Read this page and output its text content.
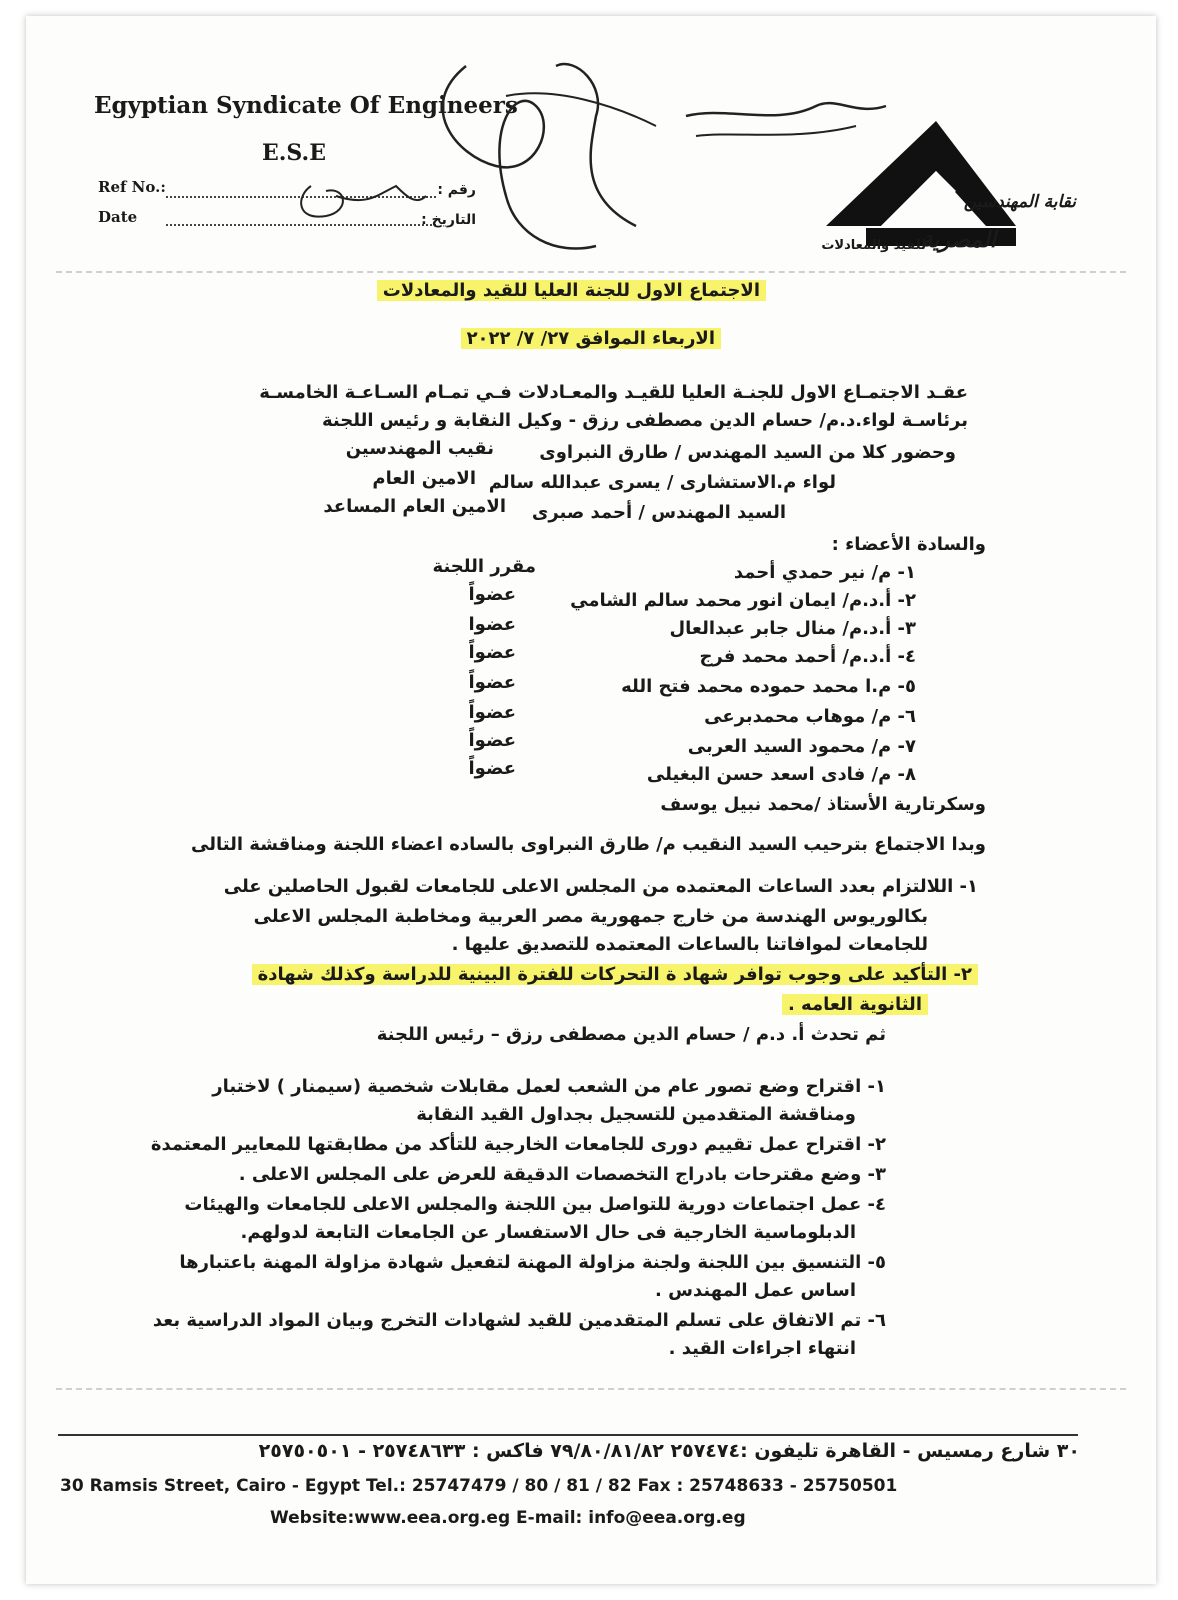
Egyptian Syndicate Of Engineers
E.S.E
Ref No.:	رقم :
Date	التاريخ :
نقابة المهندسين
المصرية
للقيد والمعادلات
الاجتماع الاول للجنة العليا للقيد والمعادلات
الاربعاء الموافق ٢٧/ ٧/ ٢٠٢٢
عقـد الاجتمـاع الاول للجنـة العليا للقيـد والمعـادلات فـي تمـام السـاعـة الخامسـة
برئاسـة لواء.د.م/ حسام الدين مصطفى رزق - وكيل النقابة و رئيس اللجنة
وحضور كلا من السيد المهندس / طارق النبراوى
نقيب المهندسين
لواء م.الاستشارى / يسرى عبدالله سالم
الامين العام
السيد المهندس / أحمد صبرى
الامين العام المساعد
والسادة الأعضاء :
١- م/ نير حمدي أحمد
مقرر اللجنة
٢- أ.د.م/ ايمان انور محمد سالم الشامي
عضواً
٣- أ.د.م/ منال جابر عبدالعال
عضوا
٤- أ.د.م/ أحمد محمد فرج
عضواً
٥- م.ا محمد حموده محمد فتح الله
عضواً
٦- م/ موهاب محمدبرعى
عضواً
٧- م/ محمود السيد العربى
عضواً
٨- م/ فادى اسعد حسن البغيلى
عضواً
وسكرتارية الأستاذ /محمد نبيل يوسف
وبدا الاجتماع بترحيب السيد النقيب م/ طارق النبراوى بالساده اعضاء اللجنة ومناقشة التالى
١- اللالتزام بعدد الساعات المعتمده من المجلس الاعلى للجامعات لقبول الحاصلين على
بكالوريوس الهندسة من خارج جمهورية مصر العربية ومخاطبة المجلس الاعلى
للجامعات لموافاتنا بالساعات المعتمده للتصديق عليها .
٢- التأكيد على وجوب توافر شهاد ة التحركات للفترة البينية للدراسة وكذلك شهادة
الثانوية العامه .
ثم تحدث أ. د.م / حسام الدين مصطفى رزق – رئيس اللجنة
١- اقتراح وضع تصور عام من الشعب لعمل مقابلات شخصية (سيمنار ) لاختبار
ومناقشة المتقدمين للتسجيل بجداول القيد النقابة
٢- اقتراح عمل تقييم دورى للجامعات الخارجية للتأكد من مطابقتها للمعايير المعتمدة
٣- وضع مقترحات بادراج التخصصات الدقيقة للعرض على المجلس الاعلى .
٤- عمل اجتماعات دورية للتواصل بين اللجنة والمجلس الاعلى للجامعات والهيئات
الدبلوماسية الخارجية فى حال الاستفسار عن الجامعات التابعة لدولهم.
٥- التنسيق بين اللجنة ولجنة مزاولة المهنة لتفعيل شهادة مزاولة المهنة باعتبارها
اساس عمل المهندس .
٦- تم الاتفاق على تسلم المتقدمين للقيد لشهادات التخرج وبيان المواد الدراسية بعد
انتهاء اجراءات القيد .
٣٠ شارع رمسيس - القاهرة تليفون :٢٥٧٤٧٤ ٧٩/٨٠/٨١/٨٢ فاكس : ٢٥٧٤٨٦٣٣ - ٢٥٧٥٠٥٠١
30 Ramsis Street, Cairo - Egypt Tel.: 25747479 / 80 / 81 / 82 Fax : 25748633 - 25750501
Website:www.eea.org.eg E-mail: info@eea.org.eg
